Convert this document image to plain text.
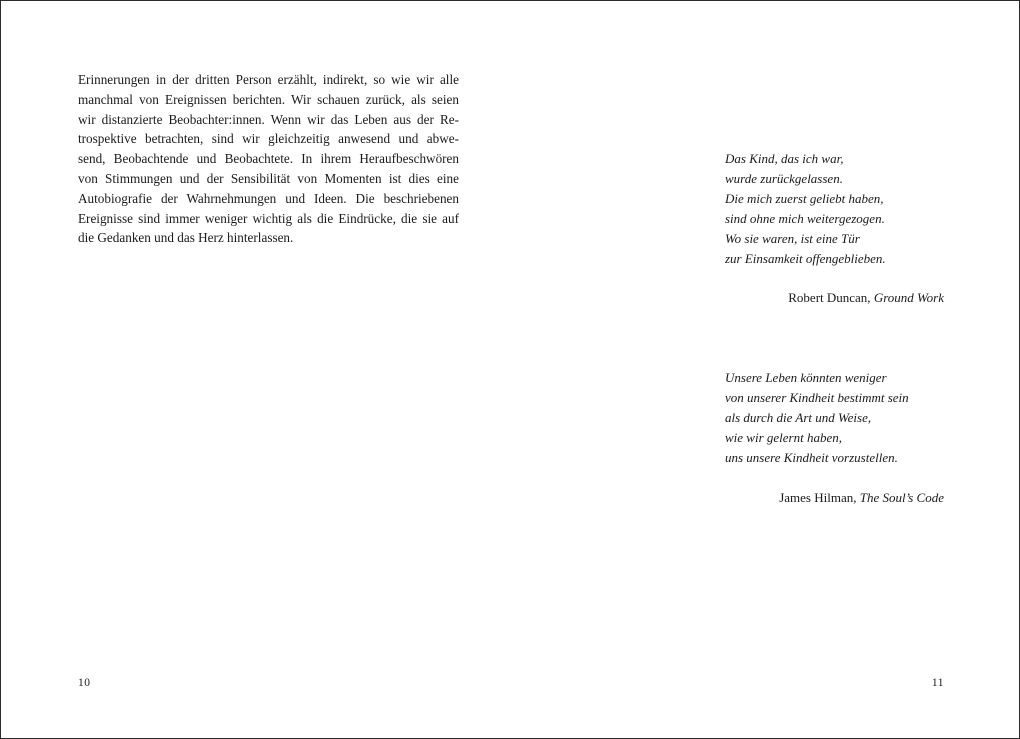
Erinnerungen in der dritten Person erzählt, indirekt, so wie wir alle
manchmal von Ereignissen berichten. Wir schauen zurück, als seien
wir distanzierte Beobachter:innen. Wenn wir das Leben aus der Re-
trospektive betrachten, sind wir gleichzeitig anwesend und abwe-
send, Beobachtende und Beobachtete. In ihrem Heraufbeschwören
von Stimmungen und der Sensibilität von Momenten ist dies eine
Autobiografie der Wahrnehmungen und Ideen. Die beschriebenen
Ereignisse sind immer weniger wichtig als die Eindrücke, die sie auf
die Gedanken und das Herz hinterlassen.

10

Das Kind, das ich war,
wurde zurückgelassen.
Die mich zuerst geliebt haben,
sind ohne mich weitergezogen.
Wo sie waren, ist eine Tür
zur Einsamkeit offengeblieben.

Robert Duncan, Ground Work

Unsere Leben könnten weniger
von unserer Kindheit bestimmt sein
als durch die Art und Weise,
wie wir gelernt haben,
uns unsere Kindheit vorzustellen.

James Hilman, The Soul’s Code

11
